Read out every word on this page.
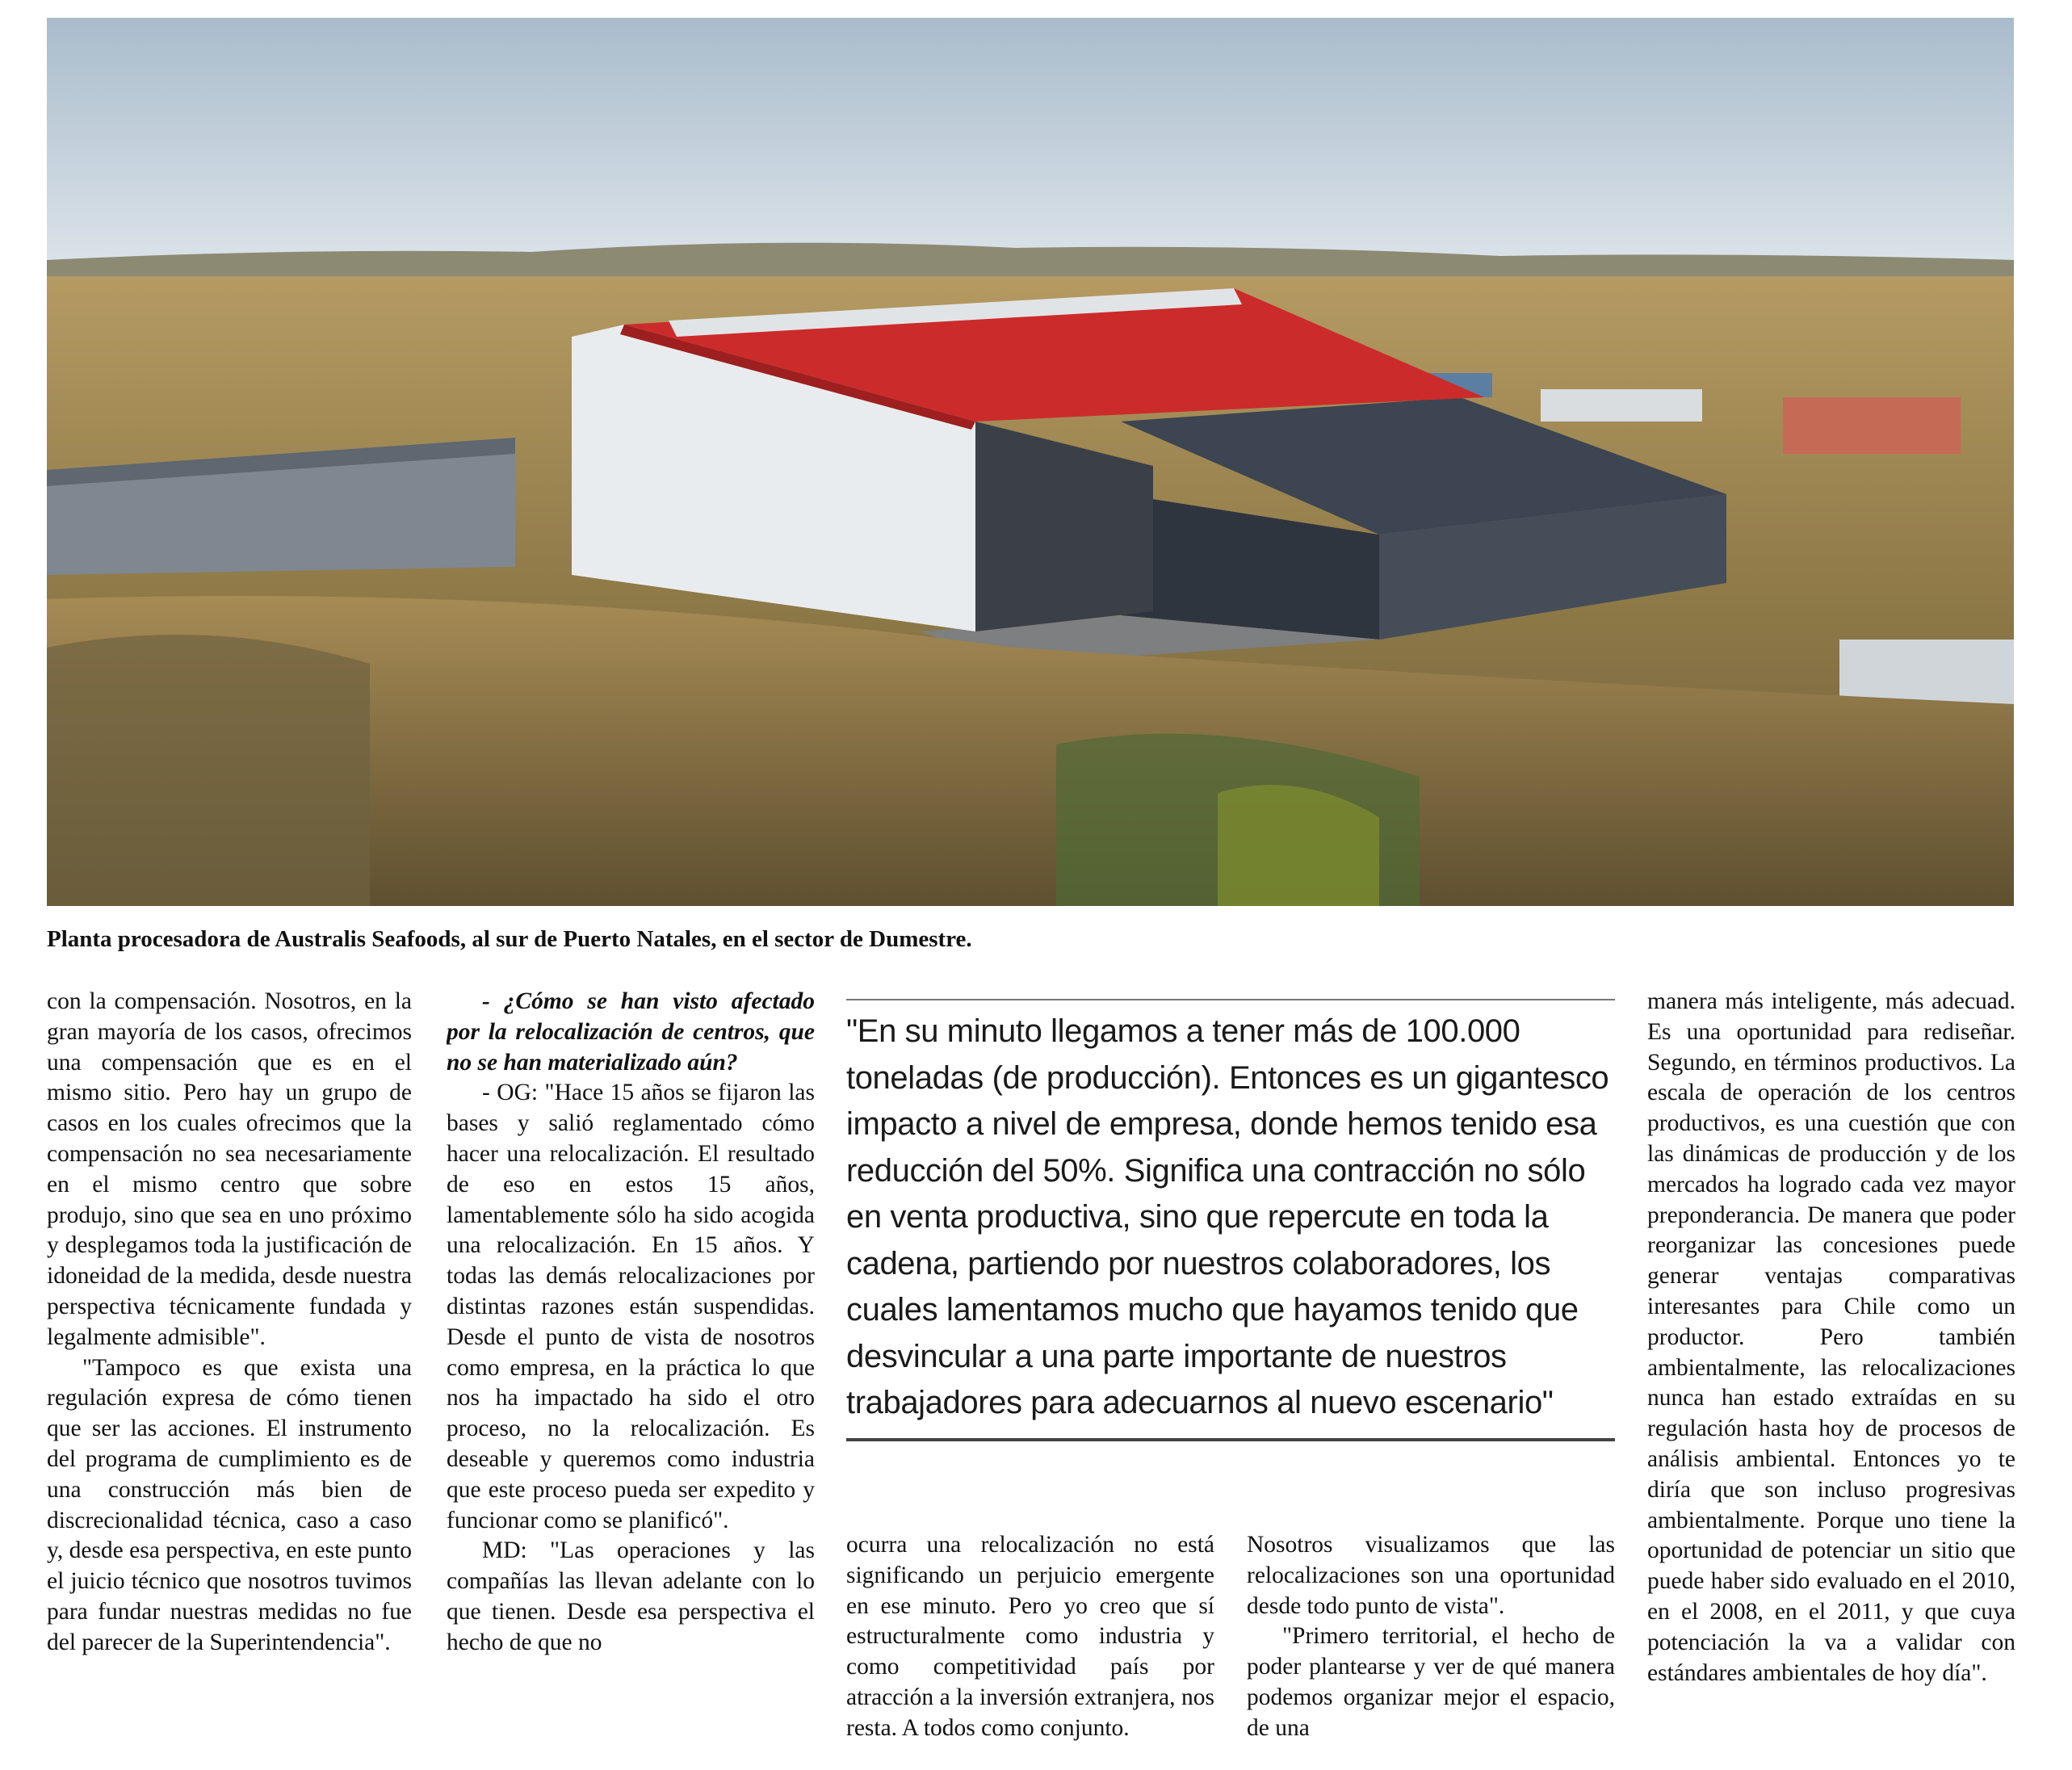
Planta procesadora de Australis Seafoods, al sur de Puerto Natales, en el sector de Dumestre.

con la compensación. Nosotros, en la gran mayoría de los casos, ofrecimos una compensación que es en el mismo sitio. Pero hay un grupo de casos en los cuales ofrecimos que la compensación no sea necesariamente en el mismo centro que sobre produjo, sino que sea en uno próximo y desplegamos toda la justificación de idoneidad de la medida, desde nuestra perspectiva técnicamente fundada y legalmente admisible".

"Tampoco es que exista una regulación expresa de cómo tienen que ser las acciones. El instrumento del programa de cumplimiento es de una construcción más bien de discrecionalidad técnica, caso a caso y, desde esa perspectiva, en este punto el juicio técnico que nosotros tuvimos para fundar nuestras medidas no fue del parecer de la Superintendencia".

- ¿Cómo se han visto afectado por la relocalización de centros, que no se han materializado aún?

- OG: "Hace 15 años se fijaron las bases y salió reglamentado cómo hacer una relocalización. El resultado de eso en estos 15 años, lamentablemente sólo ha sido acogida una relocalización. En 15 años. Y todas las demás relocalizaciones por distintas razones están suspendidas. Desde el punto de vista de nosotros como empresa, en la práctica lo que nos ha impactado ha sido el otro proceso, no la relocalización. Es deseable y queremos como industria que este proceso pueda ser expedito y funcionar como se planificó".

MD: "Las operaciones y las compañías las llevan adelante con lo que tienen. Desde esa perspectiva el hecho de que no

"En su minuto llegamos a tener más de 100.000 toneladas (de producción). Entonces es un gigantesco impacto a nivel de empresa, donde hemos tenido esa reducción del 50%. Significa una contracción no sólo en venta productiva, sino que repercute en toda la cadena, partiendo por nuestros colaboradores, los cuales lamentamos mucho que hayamos tenido que desvincular a una parte importante de nuestros trabajadores para adecuarnos al nuevo escenario"

ocurra una relocalización no está significando un perjuicio emergente en ese minuto. Pero yo creo que sí estructuralmente como industria y como competitividad país por atracción a la inversión extranjera, nos resta. A todos como conjunto.

Nosotros visualizamos que las relocalizaciones son una oportunidad desde todo punto de vista".

"Primero territorial, el hecho de poder plantearse y ver de qué manera podemos organizar mejor el espacio, de una

manera más inteligente, más adecuad. Es una oportunidad para rediseñar. Segundo, en términos productivos. La escala de operación de los centros productivos, es una cuestión que con las dinámicas de producción y de los mercados ha logrado cada vez mayor preponderancia. De manera que poder reorganizar las concesiones puede generar ventajas comparativas interesantes para Chile como un productor. Pero también ambientalmente, las relocalizaciones nunca han estado extraídas en su regulación hasta hoy de procesos de análisis ambiental. Entonces yo te diría que son incluso progresivas ambientalmente. Porque uno tiene la oportunidad de potenciar un sitio que puede haber sido evaluado en el 2010, en el 2008, en el 2011, y que cuya potenciación la va a validar con estándares ambientales de hoy día".
